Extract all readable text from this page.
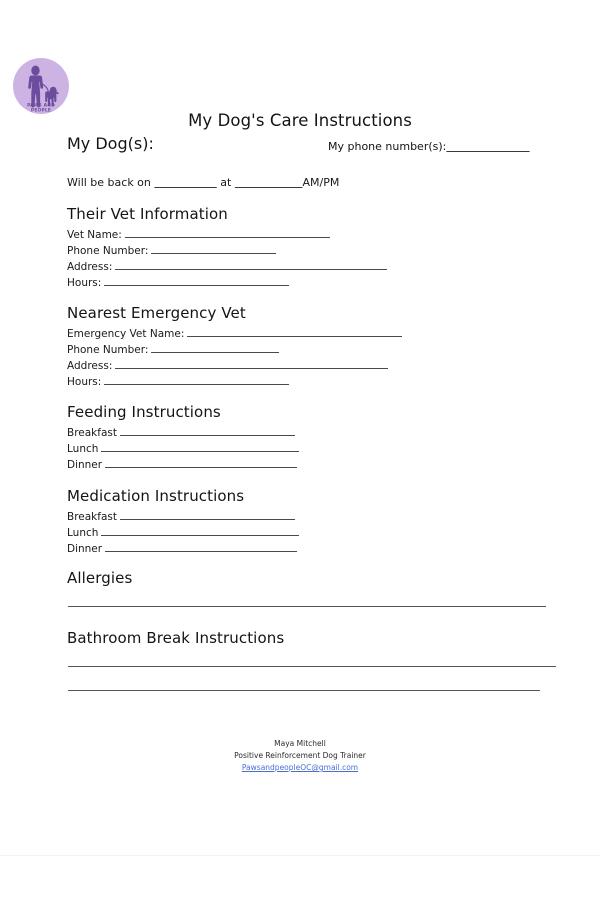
PAWS AND
PEOPLE
My Dog's Care Instructions
My Dog(s):	My phone number(s):
Will be back on	at	AM/PM
Their Vet Information
Vet Name:
Phone Number:
Address:
Hours:
Nearest Emergency Vet
Emergency Vet Name:
Phone Number:
Address:
Hours:
Feeding Instructions
Breakfast
Lunch
Dinner
Medication Instructions
Breakfast
Lunch
Dinner
Allergies
Bathroom Break Instructions
Maya Mitchell
Positive Reinforcement Dog Trainer
PawsandpeopleOC@gmail.com
